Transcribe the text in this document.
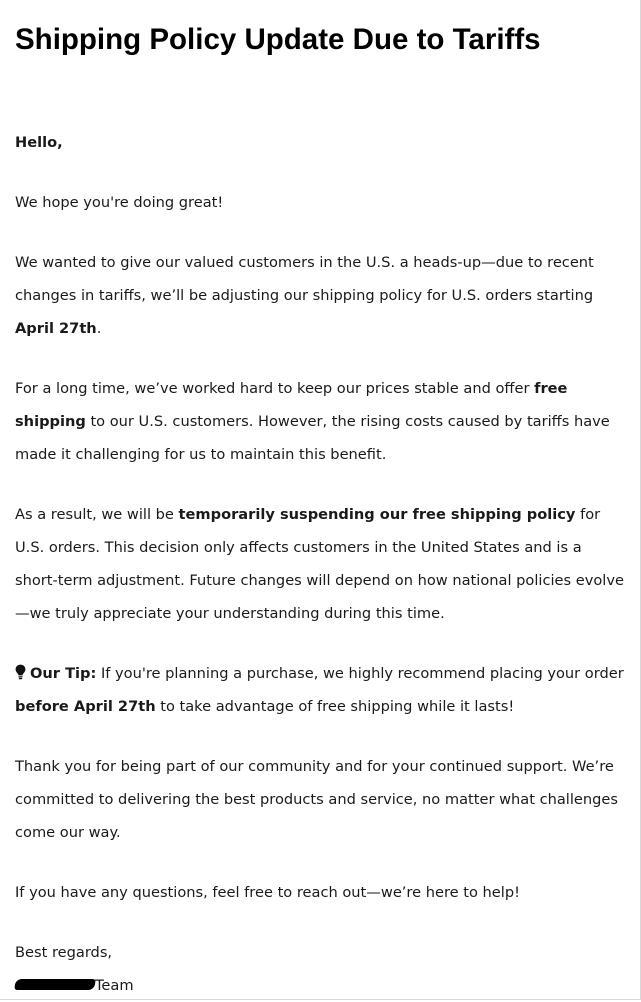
Shipping Policy Update Due to Tariffs

Hello,

We hope you're doing great!

We wanted to give our valued customers in the U.S. a heads-up—due to recent changes in tariffs, we’ll be adjusting our shipping policy for U.S. orders starting April 27th.

For a long time, we’ve worked hard to keep our prices stable and offer free shipping to our U.S. customers. However, the rising costs caused by tariffs have made it challenging for us to maintain this benefit.

As a result, we will be temporarily suspending our free shipping policy for U.S. orders. This decision only affects customers in the United States and is a short-term adjustment. Future changes will depend on how national policies evolve—we truly appreciate your understanding during this time.

Our Tip: If you're planning a purchase, we highly recommend placing your order before April 27th to take advantage of free shipping while it lasts!

Thank you for being part of our community and for your continued support. We’re committed to delivering the best products and service, no matter what challenges come our way.

If you have any questions, feel free to reach out—we’re here to help!

Best regards,

Team
